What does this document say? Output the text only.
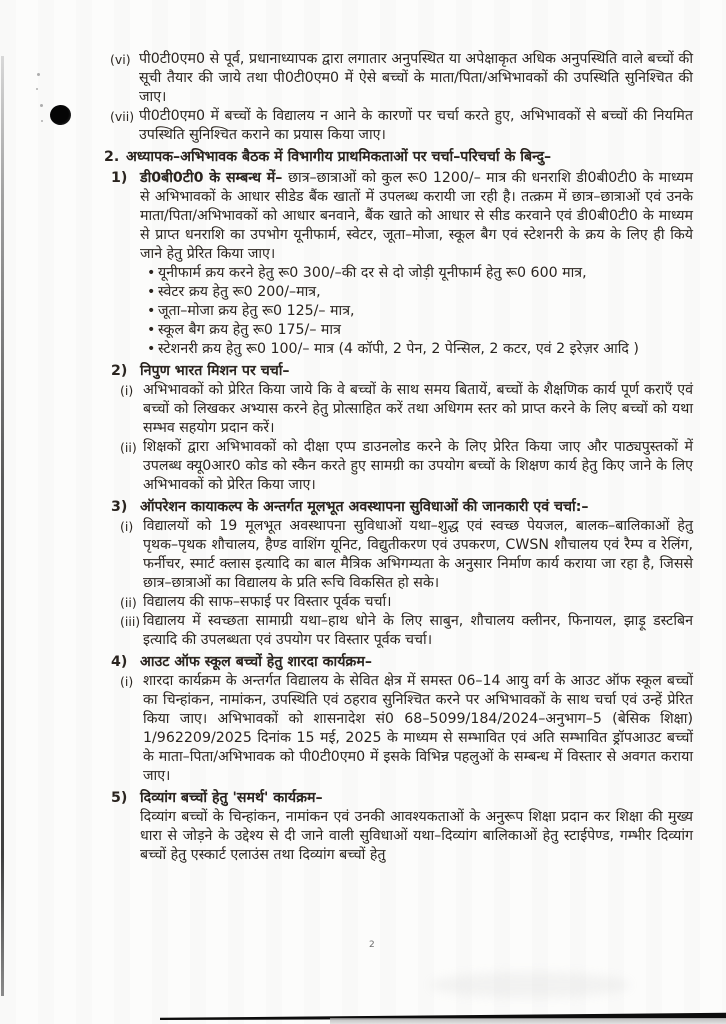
(vi) पी0टी0एम0 से पूर्व, प्रधानाध्यापक द्वारा लगातार अनुपस्थित या अपेक्षाकृत अधिक अनुपस्थिति वाले बच्चों की सूची तैयार की जाये तथा पी0टी0एम0 में ऐसे बच्चों के माता/पिता/अभिभावकों की उपस्थिति सुनिश्चित की जाए।
(vii) पी0टी0एम0 में बच्चों के विद्यालय न आने के कारणों पर चर्चा करते हुए, अभिभावकों से बच्चों की नियमित उपस्थिति सुनिश्चित कराने का प्रयास किया जाए।
2. अध्यापक–अभिभावक बैठक में विभागीय प्राथमिकताओं पर चर्चा–परिचर्चा के बिन्दु–
1) डी0बी0टी0 के सम्बन्ध में– छात्र–छात्राओं को कुल रू0 1200/– मात्र की धनराशि डी0बी0टी0 के माध्यम से अभिभावकों के आधार सीडेड बैंक खातों में उपलब्ध करायी जा रही है। तत्क्रम में छात्र–छात्राओं एवं उनके माता/पिता/अभिभावकों को आधार बनवाने, बैंक खाते को आधार से सीड करवाने एवं डी0बी0टी0 के माध्यम से प्राप्त धनराशि का उपभोग यूनीफार्म, स्वेटर, जूता–मोजा, स्कूल बैग एवं स्टेशनरी के क्रय के लिए ही किये जाने हेतु प्रेरित किया जाए।
• यूनीफार्म क्रय करने हेतु रू0 300/–की दर से दो जोड़ी यूनीफार्म हेतु रू0 600 मात्र,
• स्वेटर क्रय हेतु रू0 200/–मात्र,
• जूता–मोजा क्रय हेतु रू0 125/– मात्र,
• स्कूल बैग क्रय हेतु रू0 175/– मात्र
• स्टेशनरी क्रय हेतु रू0 100/– मात्र (4 कॉपी, 2 पेन, 2 पेन्सिल, 2 कटर, एवं 2 इरेज़र आदि )
2) निपुण भारत मिशन पर चर्चा–
(i) अभिभावकों को प्रेरित किया जाये कि वे बच्चों के साथ समय बितायें, बच्चों के शैक्षणिक कार्य पूर्ण कराएँ एवं बच्चों को लिखकर अभ्यास करने हेतु प्रोत्साहित करें तथा अधिगम स्तर को प्राप्त करने के लिए बच्चों को यथा सम्भव सहयोग प्रदान करें।
(ii) शिक्षकों द्वारा अभिभावकों को दीक्षा एप्प डाउनलोड करने के लिए प्रेरित किया जाए और पाठ्यपुस्तकों में उपलब्ध क्यू0आर0 कोड को स्कैन करते हुए सामग्री का उपयोग बच्चों के शिक्षण कार्य हेतु किए जाने के लिए अभिभावकों को प्रेरित किया जाए।
3) ऑपरेशन कायाकल्प के अन्तर्गत मूलभूत अवस्थापना सुविधाओं की जानकारी एवं चर्चा:–
(i) विद्यालयों को 19 मूलभूत अवस्थापना सुविधाओं यथा–शुद्ध एवं स्वच्छ पेयजल, बालक–बालिकाओं हेतु पृथक–पृथक शौचालय, हैण्ड वाशिंग यूनिट, विद्युतीकरण एवं उपकरण, CWSN शौचालय एवं रैम्प व रेलिंग, फर्नीचर, स्मार्ट क्लास इत्यादि का बाल मैत्रिक अभिगम्यता के अनुसार निर्माण कार्य कराया जा रहा है, जिससे छात्र–छात्राओं का विद्यालय के प्रति रूचि विकसित हो सके।
(ii) विद्यालय की साफ–सफाई पर विस्तार पूर्वक चर्चा।
(iii) विद्यालय में स्वच्छता सामाग्री यथा–हाथ धोने के लिए साबुन, शौचालय क्लीनर, फिनायल, झाड़ू डस्टबिन इत्यादि की उपलब्धता एवं उपयोग पर विस्तार पूर्वक चर्चा।
4) आउट ऑफ स्कूल बच्चों हेतु शारदा कार्यक्रम–
(i) शारदा कार्यक्रम के अन्तर्गत विद्यालय के सेवित क्षेत्र में समस्त 06–14 आयु वर्ग के आउट ऑफ स्कूल बच्चों का चिन्हांकन, नामांकन, उपस्थिति एवं ठहराव सुनिश्चित करने पर अभिभावकों के साथ चर्चा एवं उन्हें प्रेरित किया जाए। अभिभावकों को शासनादेश सं0 68–5099/184/2024–अनुभाग–5 (बेसिक शिक्षा) 1/962209/2025 दिनांक 15 मई, 2025 के माध्यम से सम्भावित एवं अति सम्भावित ड्रॉपआउट बच्चों के माता–पिता/अभिभावक को पी0टी0एम0 में इसके विभिन्न पहलुओं के सम्बन्ध में विस्तार से अवगत कराया जाए।
5) दिव्यांग बच्चों हेतु 'समर्थ' कार्यक्रम–
दिव्यांग बच्चों के चिन्हांकन, नामांकन एवं उनकी आवश्यकताओं के अनुरूप शिक्षा प्रदान कर शिक्षा की मुख्य धारा से जोड़ने के उद्देश्य से दी जाने वाली सुविधाओं यथा–दिव्यांग बालिकाओं हेतु स्टाईपेण्ड, गम्भीर दिव्यांग बच्चों हेतु एस्कार्ट एलाउंस तथा दिव्यांग बच्चों हेतु
2
